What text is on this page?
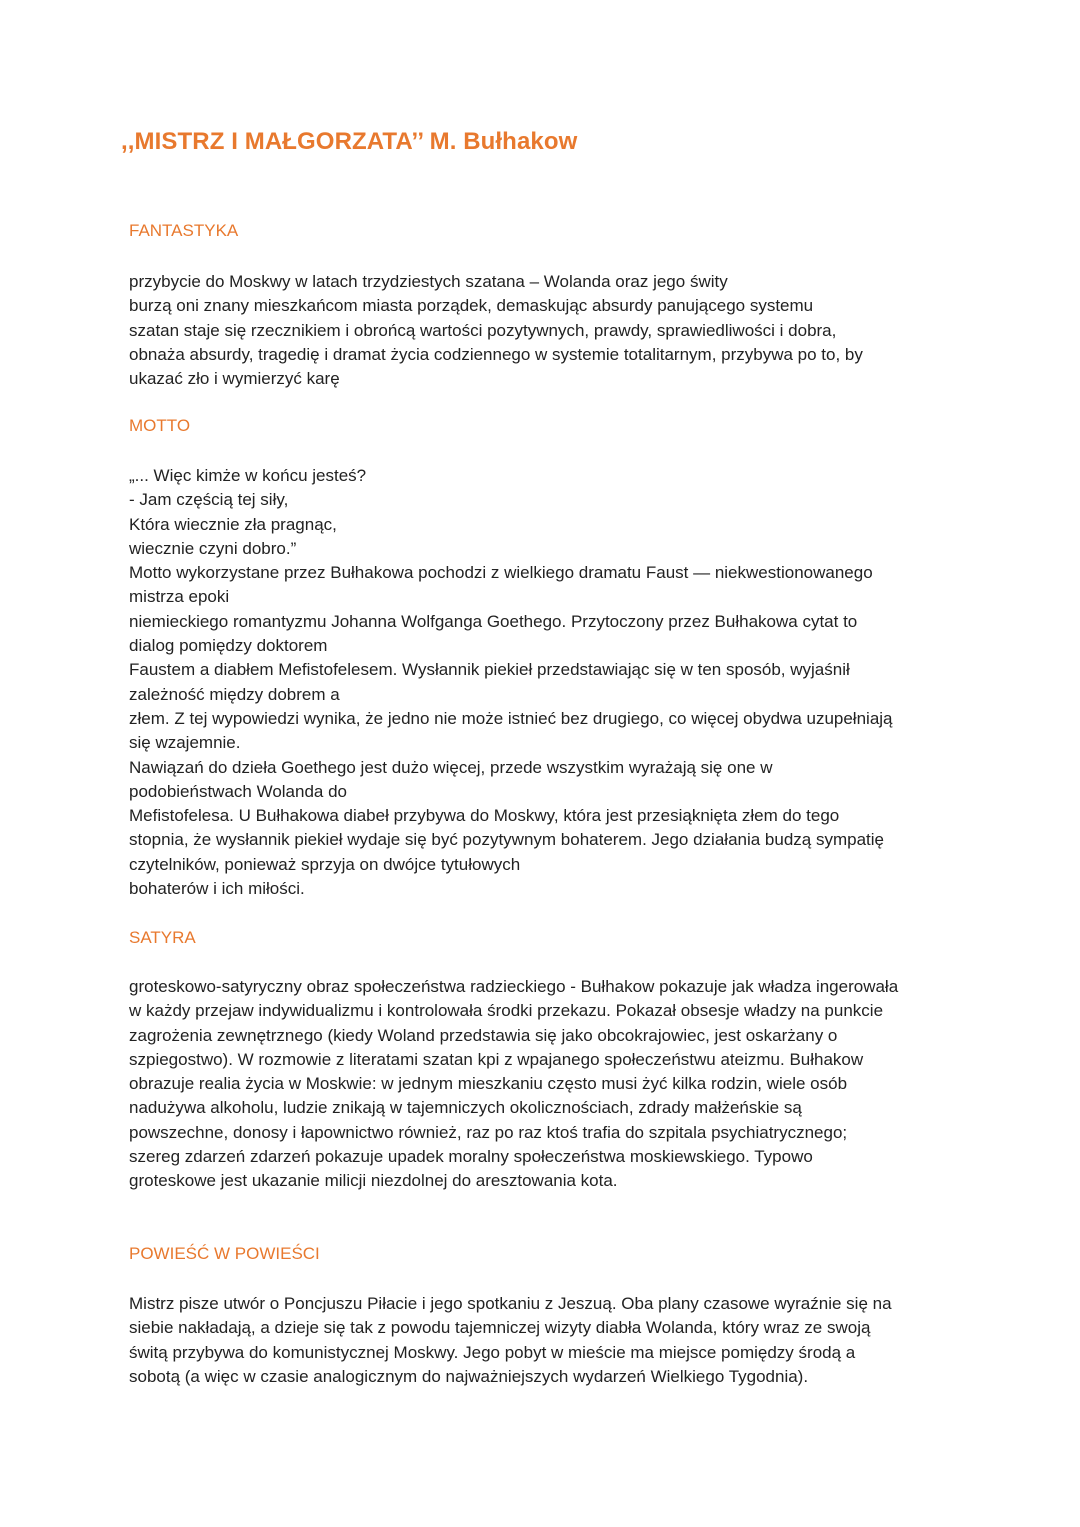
,,MISTRZ I MAŁGORZATA’’ M. Bułhakow
FANTASTYKA
przybycie do Moskwy w latach trzydziestych szatana – Wolanda oraz jego świty
burzą oni znany mieszkańcom miasta porządek, demaskując absurdy panującego systemu
szatan staje się rzecznikiem i obrońcą wartości pozytywnych, prawdy, sprawiedliwości i dobra,
obnaża absurdy, tragedię i dramat życia codziennego w systemie totalitarnym, przybywa po to, by
ukazać zło i wymierzyć karę
MOTTO
„... Więc kimże w końcu jesteś?
- Jam częścią tej siły,
Która wiecznie zła pragnąc,
wiecznie czyni dobro.”
Motto wykorzystane przez Bułhakowa pochodzi z wielkiego dramatu Faust — niekwestionowanego
mistrza epoki
niemieckiego romantyzmu Johanna Wolfganga Goethego. Przytoczony przez Bułhakowa cytat to
dialog pomiędzy doktorem
Faustem a diabłem Mefistofelesem. Wysłannik piekieł przedstawiając się w ten sposób, wyjaśnił
zależność między dobrem a
złem. Z tej wypowiedzi wynika, że jedno nie może istnieć bez drugiego, co więcej obydwa uzupełniają
się wzajemnie.
Nawiązań do dzieła Goethego jest dużo więcej, przede wszystkim wyrażają się one w
podobieństwach Wolanda do
Mefistofelesa. U Bułhakowa diabeł przybywa do Moskwy, która jest przesiąknięta złem do tego
stopnia, że wysłannik piekieł wydaje się być pozytywnym bohaterem. Jego działania budzą sympatię
czytelników, ponieważ sprzyja on dwójce tytułowych
bohaterów i ich miłości.
SATYRA
groteskowo-satyryczny obraz społeczeństwa radzieckiego - Bułhakow pokazuje jak władza ingerowała
w każdy przejaw indywidualizmu i kontrolowała środki przekazu. Pokazał obsesje władzy na punkcie
zagrożenia zewnętrznego (kiedy Woland przedstawia się jako obcokrajowiec, jest oskarżany o
szpiegostwo). W rozmowie z literatami szatan kpi z wpajanego społeczeństwu ateizmu. Bułhakow
obrazuje realia życia w Moskwie: w jednym mieszkaniu często musi żyć kilka rodzin, wiele osób
nadużywa alkoholu, ludzie znikają w tajemniczych okolicznościach, zdrady małżeńskie są
powszechne, donosy i łapownictwo również, raz po raz ktoś trafia do szpitala psychiatrycznego;
szereg zdarzeń zdarzeń pokazuje upadek moralny społeczeństwa moskiewskiego. Typowo
groteskowe jest ukazanie milicji niezdolnej do aresztowania kota.
POWIEŚĆ W POWIEŚCI
Mistrz pisze utwór o Poncjuszu Piłacie i jego spotkaniu z Jeszuą. Oba plany czasowe wyraźnie się na
siebie nakładają, a dzieje się tak z powodu tajemniczej wizyty diabła Wolanda, który wraz ze swoją
świtą przybywa do komunistycznej Moskwy. Jego pobyt w mieście ma miejsce pomiędzy środą a
sobotą (a więc w czasie analogicznym do najważniejszych wydarzeń Wielkiego Tygodnia).
